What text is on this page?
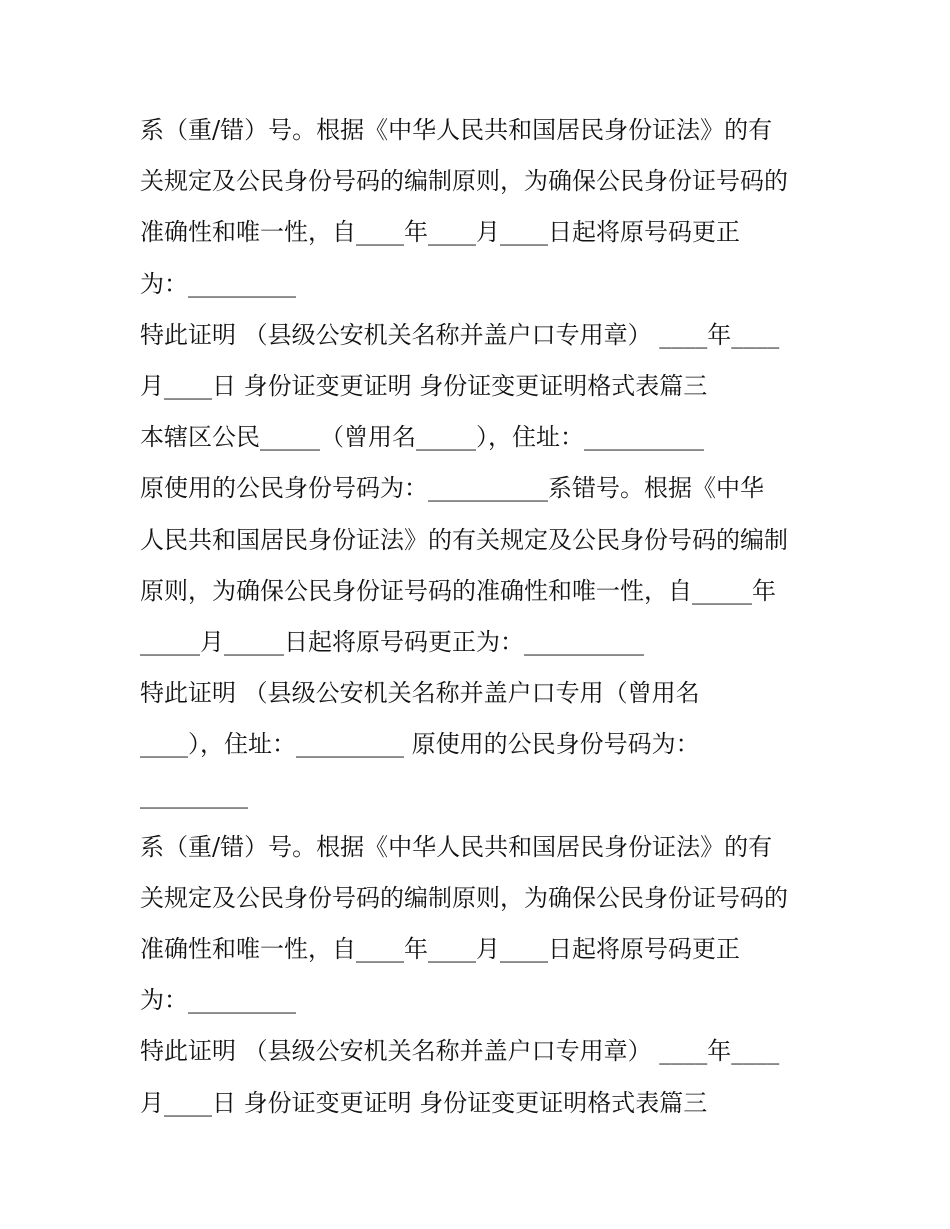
系（重/错）号。根据《中华人民共和国居民身份证法》的有
关规定及公民身份号码的编制原则，为确保公民身份证号码的
准确性和唯一性，自____年____月____日起将原号码更正
为：_________
特此证明 （县级公安机关名称并盖户口专用章） ____年____
月____日 身份证变更证明 身份证变更证明格式表篇三
本辖区公民_____（曾用名_____），住址：__________
原使用的公民身份号码为：__________系错号。根据《中华
人民共和国居民身份证法》的有关规定及公民身份号码的编制
原则，为确保公民身份证号码的准确性和唯一性，自_____年
_____月_____日起将原号码更正为：__________
特此证明 （县级公安机关名称并盖户口专用（曾用名
____），住址：_________ 原使用的公民身份号码为：
_________
系（重/错）号。根据《中华人民共和国居民身份证法》的有
关规定及公民身份号码的编制原则，为确保公民身份证号码的
准确性和唯一性，自____年____月____日起将原号码更正
为：_________
特此证明 （县级公安机关名称并盖户口专用章） ____年____
月____日 身份证变更证明 身份证变更证明格式表篇三
